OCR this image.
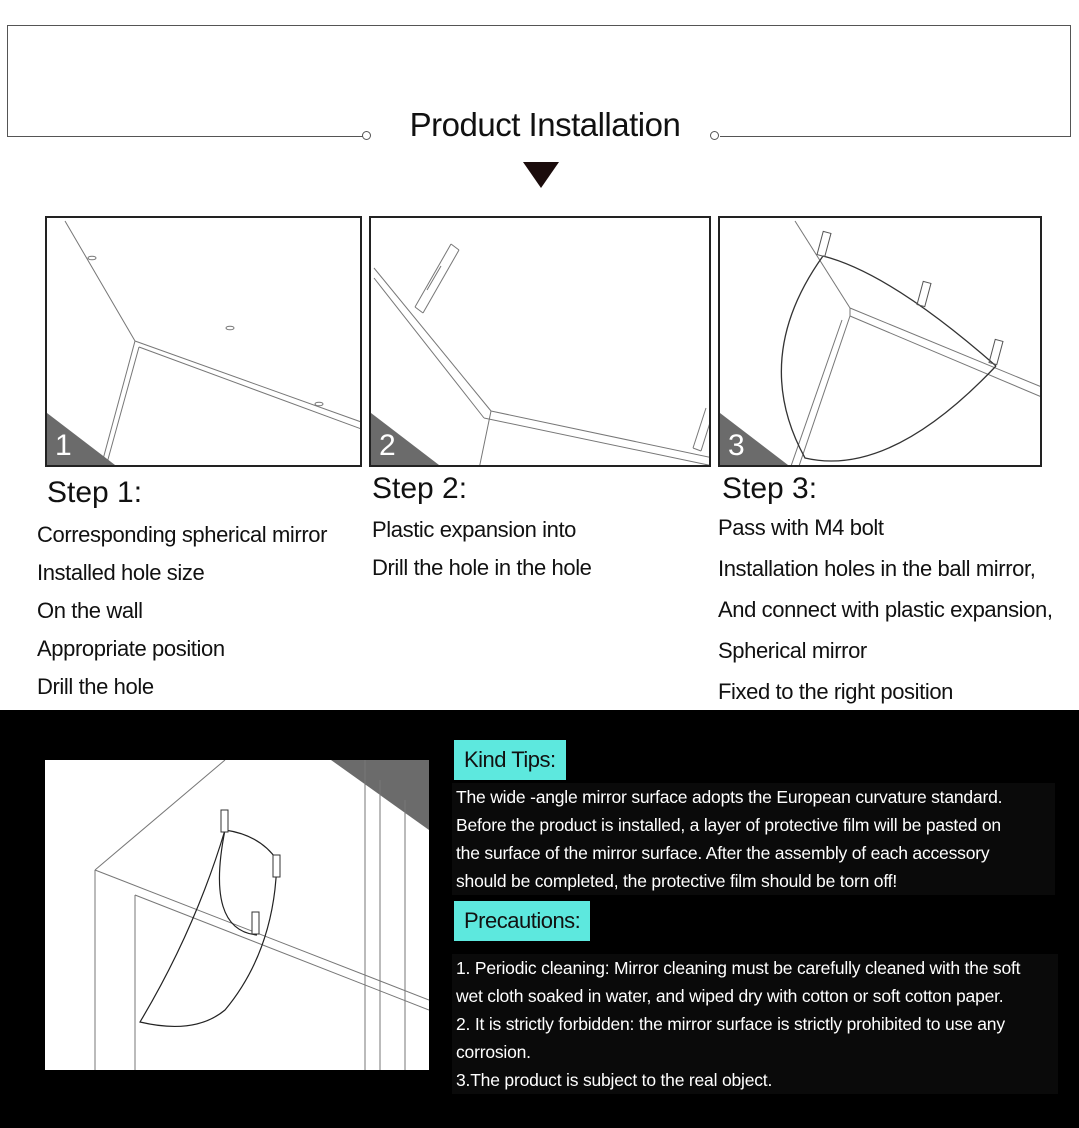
Product Installation
1	2	3
Step 1:
Corresponding spherical mirror
Installed hole size
On the wall
Appropriate position
Drill the hole
Step 2:
Plastic expansion into
Drill the hole in the hole
Step 3:
Pass with M4 bolt
Installation holes in the ball mirror,
And connect with plastic expansion,
Spherical mirror
Fixed to the right position
Kind Tips:
The wide -angle mirror surface adopts the European curvature standard.
Before the product is installed, a layer of protective film will be pasted on
the surface of the mirror surface. After the assembly of each accessory
should be completed, the protective film should be torn off!
Precautions:
1. Periodic cleaning: Mirror cleaning must be carefully cleaned with the soft
wet cloth soaked in water, and wiped dry with cotton or soft cotton paper.
2. It is strictly forbidden: the mirror surface is strictly prohibited to use any
corrosion.
3.The product is subject to the real object.
